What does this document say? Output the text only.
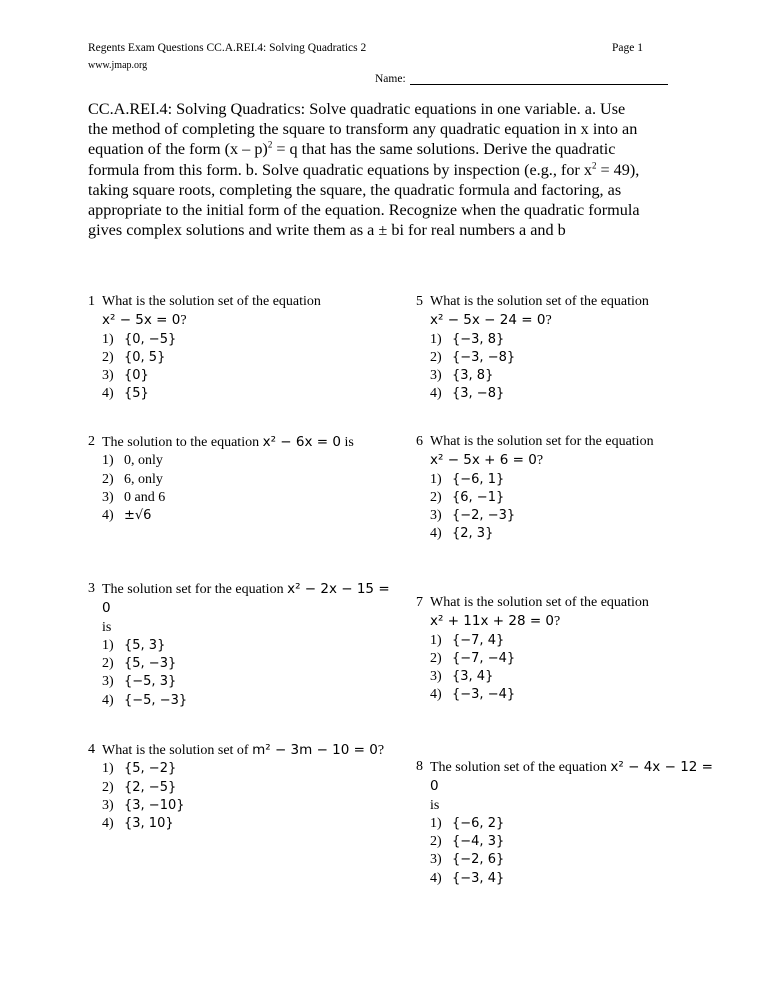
Regents Exam Questions CC.A.REI.4: Solving Quadratics 2
www.jmap.org
Page 1
Name:
CC.A.REI.4: Solving Quadratics: Solve quadratic equations in one variable. a. Use the method of completing the square to transform any quadratic equation in x into an equation of the form (x – p)$^2$ = q that has the same solutions. Derive the quadratic formula from this form. b. Solve quadratic equations by inspection (e.g., for $x^2 = 49$), taking square roots, completing the square, the quadratic formula and factoring, as appropriate to the initial form of the equation. Recognize when the quadratic formula gives complex solutions and write them as a ± bi for real numbers a and b
1 What is the solution set of the equation
x² − 5x = 0?
1) {0, −5}
2) {0, 5}
3) {0}
4) {5}
2 The solution to the equation x² − 6x = 0 is
1) 0, only
2) 6, only
3) 0 and 6
4) ±√6
3 The solution set for the equation x² − 2x − 15 = 0
is
1) {5, 3}
2) {5, −3}
3) {−5, 3}
4) {−5, −3}
4 What is the solution set of m² − 3m − 10 = 0?
1) {5, −2}
2) {2, −5}
3) {3, −10}
4) {3, 10}
5 What is the solution set of the equation
x² − 5x − 24 = 0?
1) {−3, 8}
2) {−3, −8}
3) {3, 8}
4) {3, −8}
6 What is the solution set for the equation
x² − 5x + 6 = 0?
1) {−6, 1}
2) {6, −1}
3) {−2, −3}
4) {2, 3}
7 What is the solution set of the equation
x² + 11x + 28 = 0?
1) {−7, 4}
2) {−7, −4}
3) {3, 4}
4) {−3, −4}
8 The solution set of the equation x² − 4x − 12 = 0
is
1) {−6, 2}
2) {−4, 3}
3) {−2, 6}
4) {−3, 4}
